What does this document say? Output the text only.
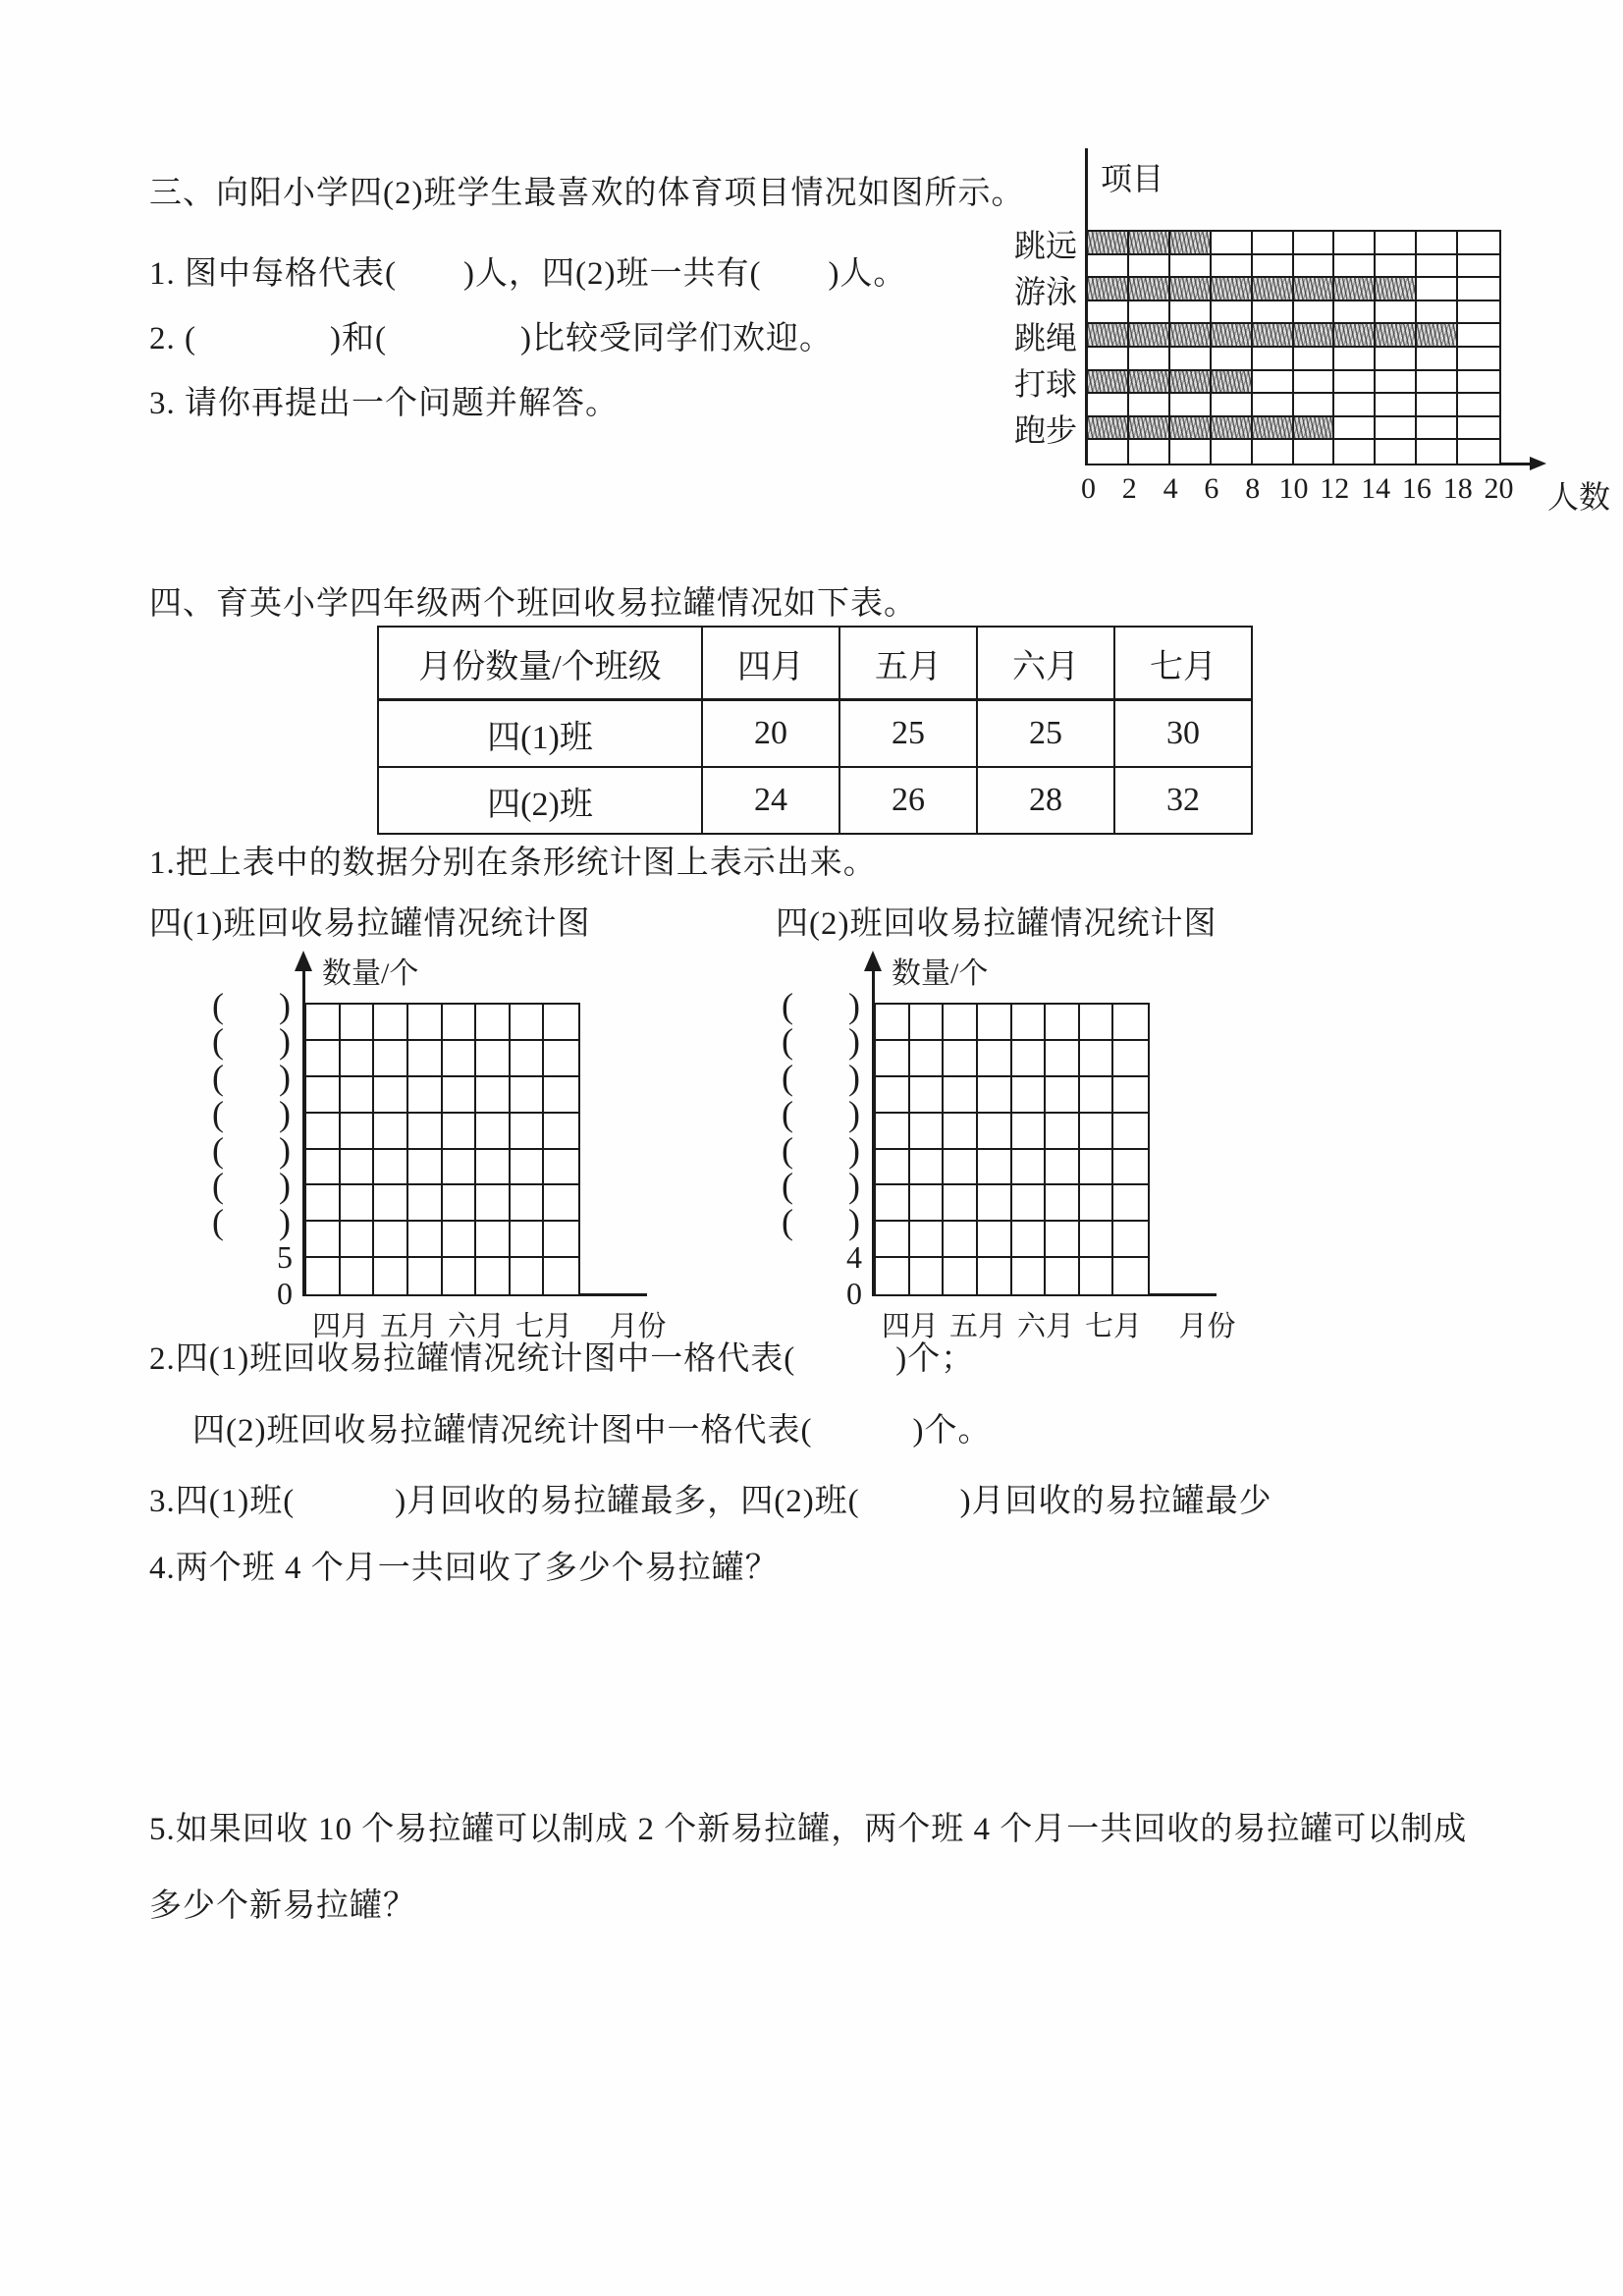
三、向阳小学四(2)班学生最喜欢的体育项目情况如图所示。
1. 图中每格代表(　　)人，四(2)班一共有(　　)人。
2. (　　　　)和(　　　　)比较受同学们欢迎。
3. 请你再提出一个问题并解答。
项目
跳远
游泳
跳绳
打球
跑步
0 2 4 6 8 10 12 14 16 18 20 人数
四、育英小学四年级两个班回收易拉罐情况如下表。
月份数量/个班级	四月	五月	六月	七月
四(1)班	20	25	25	30
四(2)班	24	26	28	32
1.把上表中的数据分别在条形统计图上表示出来。
四(1)班回收易拉罐情况统计图	四(2)班回收易拉罐情况统计图
数量/个
( )
( )
( )
( )
( )
( )
( )
5
0
四月 五月 六月 七月 月份
数量/个
( )
( )
( )
( )
( )
( )
( )
4
0
四月 五月 六月 七月 月份
2.四(1)班回收易拉罐情况统计图中一格代表(　　　)个；
四(2)班回收易拉罐情况统计图中一格代表(　　　)个。
3.四(1)班(　　　)月回收的易拉罐最多，四(2)班(　　　)月回收的易拉罐最少
4.两个班 4 个月一共回收了多少个易拉罐？
5.如果回收 10 个易拉罐可以制成 2 个新易拉罐，两个班 4 个月一共回收的易拉罐可以制成
多少个新易拉罐？
